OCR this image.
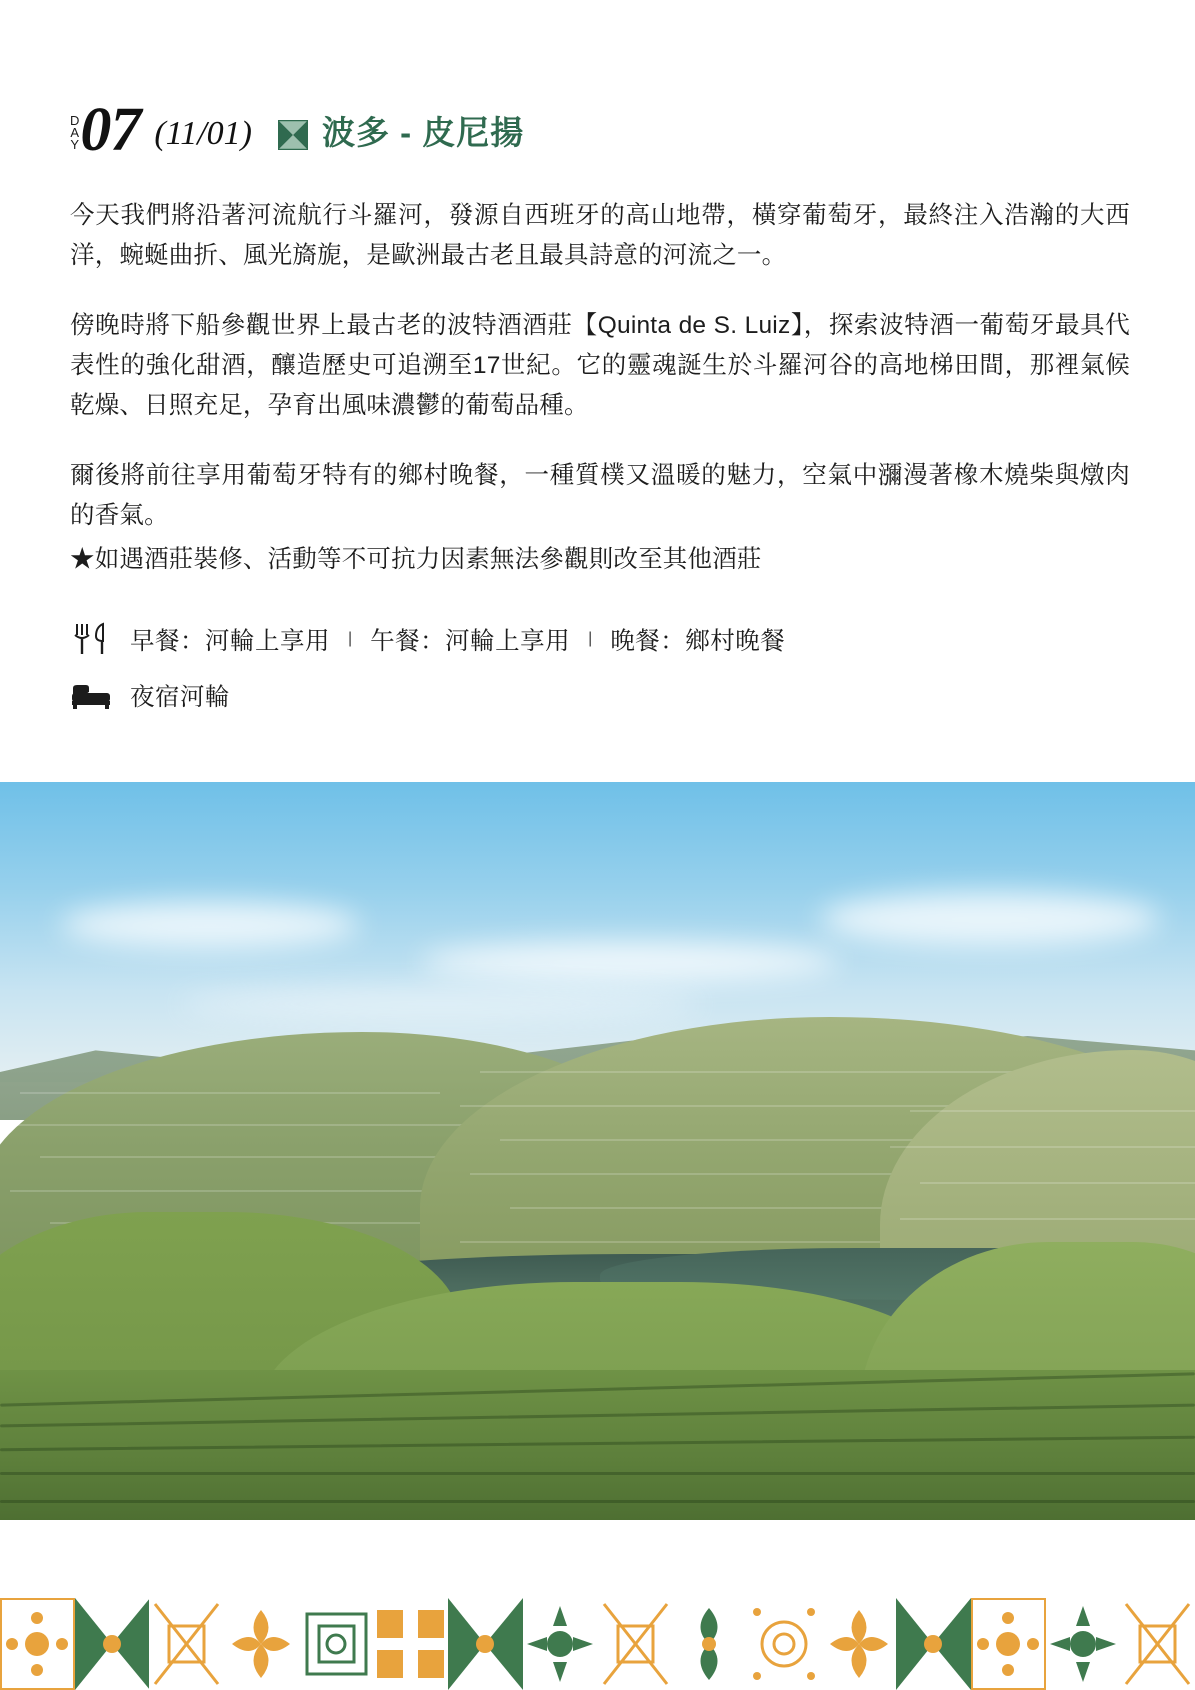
D
A
Y 07 (11/01) 波多 - 皮尼揚

今天我們將沿著河流航行斗羅河，發源自西班牙的高山地帶，橫穿葡萄牙，最終注入浩瀚的大西洋，蜿蜒曲折、風光旖旎，是歐洲最古老且最具詩意的河流之一。

傍晚時將下船參觀世界上最古老的波特酒酒莊【Quinta de S. Luiz】，探索波特酒一葡萄牙最具代表性的強化甜酒，釀造歷史可追溯至17世紀。它的靈魂誕生於斗羅河谷的高地梯田間，那裡氣候乾燥、日照充足，孕育出風味濃鬱的葡萄品種。

爾後將前往享用葡萄牙特有的鄉村晚餐，一種質樸又溫暖的魅力，空氣中瀰漫著橡木燒柴與燉肉的香氣。

★如遇酒莊裝修、活動等不可抗力因素無法參觀則改至其他酒莊

早餐：河輪上享用 | 午餐：河輪上享用 | 晚餐：鄉村晚餐
夜宿河輪
